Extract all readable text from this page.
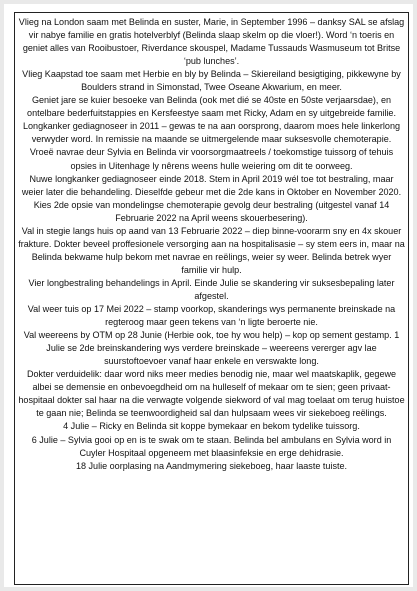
Vlieg na London saam met Belinda en suster, Marie, in September 1996 – danksy SAL se afslag vir nabye familie en gratis hotelverblyf (Belinda slaap skelm op die vloer!). Word ‘n toeris en geniet alles van Rooibustoer, Riverdance skouspel, Madame Tussauds Wasmuseum tot Britse ‘pub lunches’.

Vlieg Kaapstad toe saam met Herbie en bly by Belinda – Skiereiland besigtiging, pikkewyne by Boulders strand in Simonstad, Twee Oseane Akwarium, en meer.

Geniet jare se kuier besoeke van Belinda (ook met dié se 40ste en 50ste verjaarsdae), en ontelbare bederfuitstappies en Kersfeestye saam met Ricky, Adam en sy uitgebreide familie.

Longkanker gediagnoseer in 2011 – gewas te na aan oorsprong, daarom moes hele linkerlong verwyder word. In remissie na maande se uitmergelende maar suksesvolle chemoterapie.

Vroeë navrae deur Sylvia en Belinda vir voorsorgmaatreels / toekomstige tuissorg of tehuis opsies in Uitenhage ly nêrens weens hulle weiering om dit te oorweeg.

Nuwe longkanker gediagnoseer einde 2018. Stem in April 2019 wél toe tot bestraling, maar weier later die behandeling. Dieselfde gebeur met die 2de kans in Oktober en November 2020. Kies 2de opsie van mondelingse chemoterapie gevolg deur bestraling (uitgestel vanaf 14 Februarie 2022 na April weens skouerbesering).

Val in stegie langs huis op aand van 13 Februarie 2022 – diep binne-voorarm sny en 4x skouer frakture. Dokter beveel proffesionele versorging aan na hospitalisasie – sy stem eers in, maar na Belinda bekwame hulp bekom met navrae en reëlings, weier sy weer. Belinda betrek wyer familie vir hulp.

Vier longbestraling behandelings in April. Einde Julie se skandering vir suksesbepaling later afgestel.

Val weer tuis op 17 Mei 2022 – stamp voorkop, skanderings wys permanente breinskade na regteroog maar geen tekens van ‘n ligte beroerte nie.

Val weereens by OTM op 28 Junie (Herbie ook, toe hy wou help) – kop op sement gestamp. 1 Julie se 2de breinskandering wys verdere breinskade – weereens vererger agv lae suurstoftoevoer vanaf haar enkele en verswakte long.

Dokter verduidelik: daar word niks meer medies benodig nie, maar wel maatskaplik, gegewe albei se demensie en onbevoegdheid om na hulleself of mekaar om te sien; geen privaat-hospitaal dokter sal haar na die verwagte volgende siekword of val mag toelaat om terug huistoe te gaan nie; Belinda se teenwoordigheid sal dan hulpsaam wees vir siekeboeg reëlings.

4 Julie – Ricky en Belinda sit koppe bymekaar en bekom tydelike tuissorg.

6 Julie – Sylvia gooi op en is te swak om te staan. Belinda bel ambulans en Sylvia word in Cuyler Hospitaal opgeneem met blaasinfeksie en erge dehidrasie.

18 Julie oorplasing na Aandmymering siekeboeg, haar laaste tuiste.
